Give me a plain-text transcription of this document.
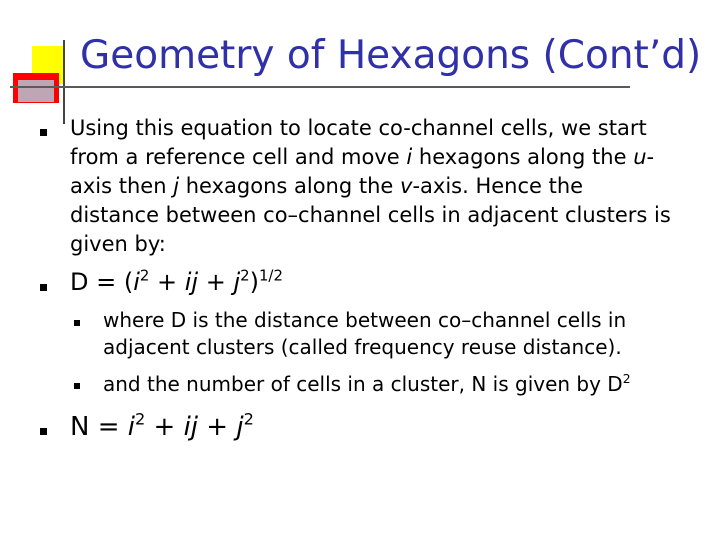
Geometry of Hexagons (Cont’d)
Using this equation to locate co-channel cells, we start
from a reference cell and move i hexagons along the u-
axis then j hexagons along the v-axis. Hence the
distance between co–channel cells in adjacent clusters is
given by:
$D = (i^2$ + ij + $j^2)^{1/2}$
where D is the distance between co–channel cells in
adjacent clusters (called frequency reuse distance).
and the number of cells in a cluster, N is given by $D^2$
$N = i^2$ + ij + $j^2$
